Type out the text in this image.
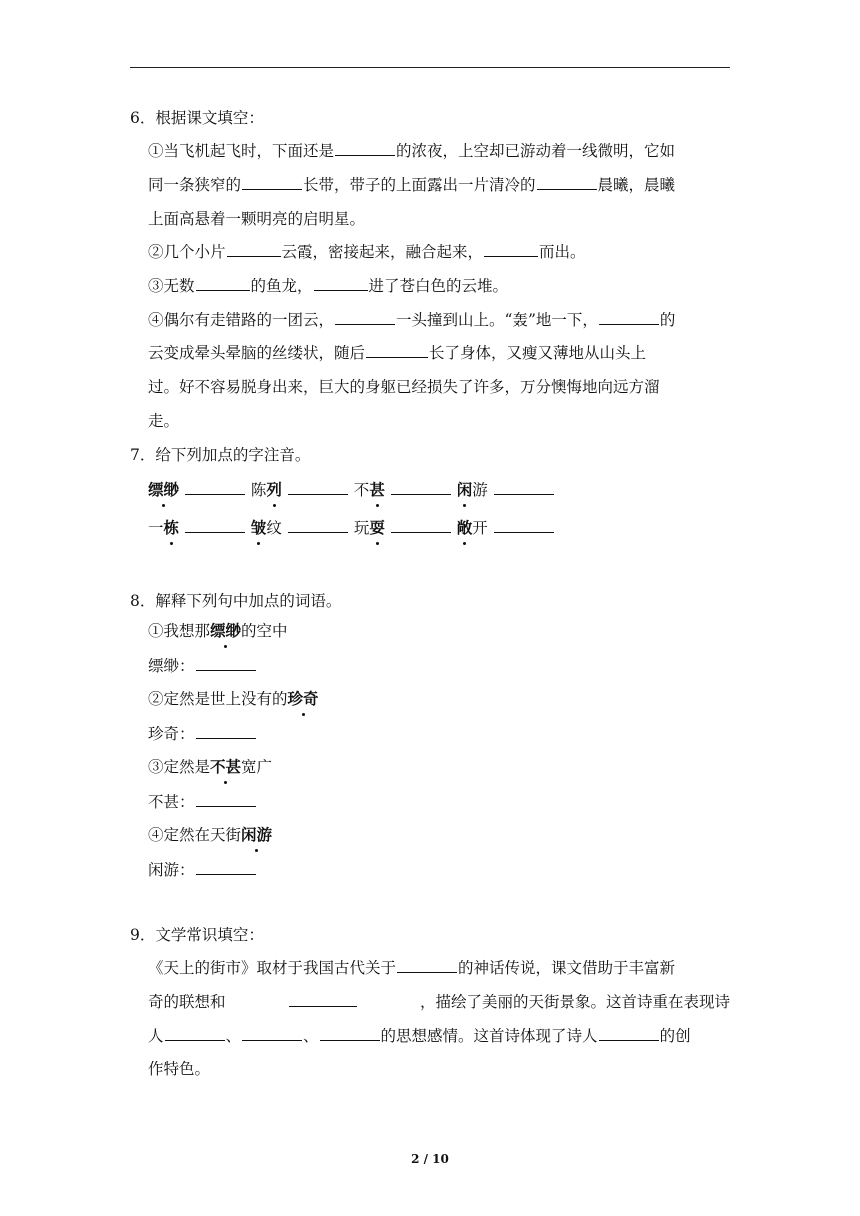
6．根据课文填空：
①当飞机起飞时，下面还是	的浓夜，上空却已游动着一线微明，它如
同一条狭窄的	长带，带子的上面露出一片清冷的	晨曦，晨曦
上面高悬着一颗明亮的启明星。
②几个小片	云霞，密接起来，融合起来，	而出。
③无数	的鱼龙，	进了苍白色的云堆。
④偶尔有走错路的一团云，	一头撞到山上。“轰”地一下，	的
云变成晕头晕脑的丝缕状，随后	长了身体，又瘦又薄地从山头上
过。好不容易脱身出来，巨大的身躯已经损失了许多，万分懊悔地向远方溜
走。
7．给下列加点的字注音。
缥缈	陈列	不甚	闲游
一栋	皱纹	玩耍	敞开
8．解释下列句中加点的词语。
①我想那缥缈的空中
缥缈：
②定然是世上没有的珍奇
珍奇：
③定然是不甚宽广
不甚：
④定然在天街闲游
闲游：
9．文学常识填空：
《天上的街市》取材于我国古代关于	的神话传说，课文借助于丰富新
奇的联想和	，描绘了美丽的天街景象。这首诗重在表现诗
人	、	、	的思想感情。这首诗体现了诗人	的创
作特色。
2 / 10
